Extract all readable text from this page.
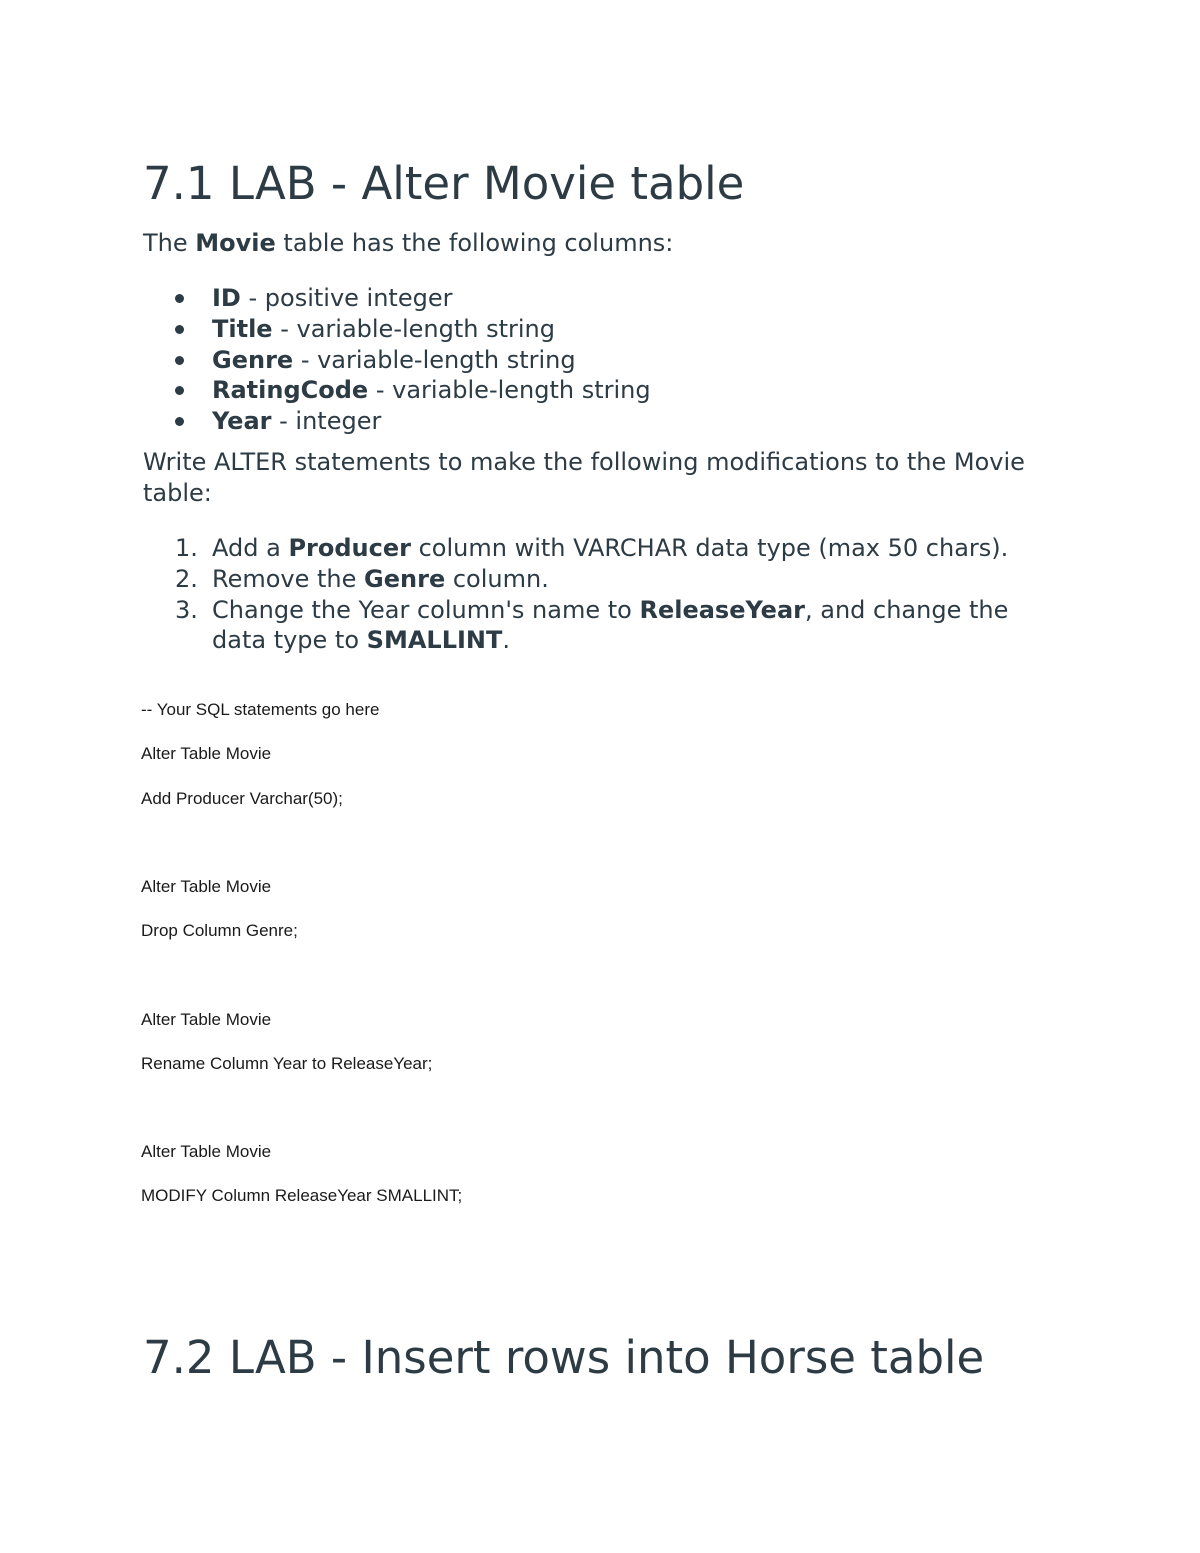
7.1 LAB - Alter Movie table

The Movie table has the following columns:

ID - positive integer
Title - variable-length string
Genre - variable-length string
RatingCode - variable-length string
Year - integer

Write ALTER statements to make the following modifications to the Movie table:

1. Add a Producer column with VARCHAR data type (max 50 chars).
2. Remove the Genre column.
3. Change the Year column's name to ReleaseYear, and change the data type to SMALLINT.

-- Your SQL statements go here

Alter Table Movie

Add Producer Varchar(50);

Alter Table Movie

Drop Column Genre;

Alter Table Movie

Rename Column Year to ReleaseYear;

Alter Table Movie

MODIFY Column ReleaseYear SMALLINT;

7.2 LAB - Insert rows into Horse table
